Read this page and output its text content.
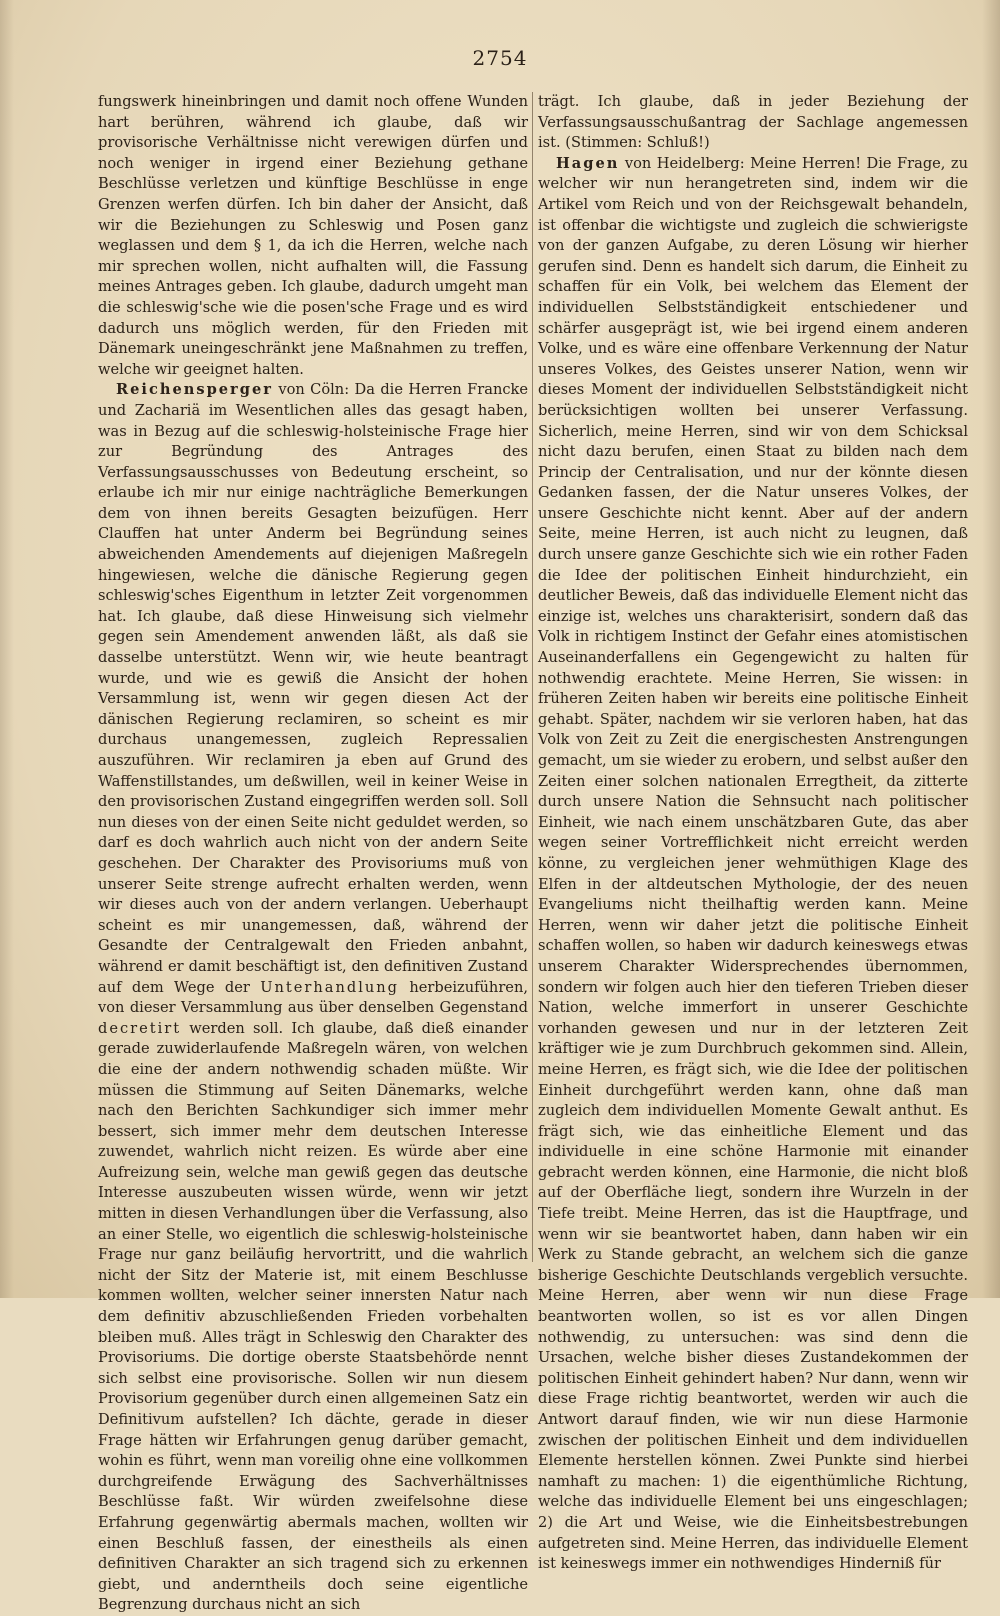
2754

fungswerk hineinbringen und damit noch offene Wunden hart berühren, während ich glaube, daß wir provisorische Verhältnisse nicht verewigen dürfen und noch weniger in irgend einer Beziehung gethane Beschlüsse verletzen und künftige Beschlüsse in enge Grenzen werfen dürfen. Ich bin daher der Ansicht, daß wir die Beziehungen zu Schleswig und Posen ganz weglassen und dem § 1, da ich die Herren, welche nach mir sprechen wollen, nicht aufhalten will, die Fassung meines Antrages geben. Ich glaube, dadurch umgeht man die schleswig'sche wie die posen'sche Frage und es wird dadurch uns möglich werden, für den Frieden mit Dänemark uneingeschränkt jene Maßnahmen zu treffen, welche wir geeignet halten.

Reichensperger von Cöln: Da die Herren Francke und Zachariä im Wesentlichen alles das gesagt haben, was in Bezug auf die schleswig-holsteinische Frage hier zur Begründung des Antrages des Verfassungsausschusses von Bedeutung erscheint, so erlaube ich mir nur einige nachträgliche Bemerkungen dem von ihnen bereits Gesagten beizufügen. Herr Clauffen hat unter Anderm bei Begründung seines abweichenden Amendements auf diejenigen Maßregeln hingewiesen, welche die dänische Regierung gegen schleswig'sches Eigenthum in letzter Zeit vorgenommen hat. Ich glaube, daß diese Hinweisung sich vielmehr gegen sein Amendement anwenden läßt, als daß sie dasselbe unterstützt. Wenn wir, wie heute beantragt wurde, und wie es gewiß die Ansicht der hohen Versammlung ist, wenn wir gegen diesen Act der dänischen Regierung reclamiren, so scheint es mir durchaus unangemessen, zugleich Repressalien auszuführen. Wir reclamiren ja eben auf Grund des Waffenstillstandes, um deßwillen, weil in keiner Weise in den provisorischen Zustand eingegriffen werden soll. Soll nun dieses von der einen Seite nicht geduldet werden, so darf es doch wahrlich auch nicht von der andern Seite geschehen. Der Charakter des Provisoriums muß von unserer Seite strenge aufrecht erhalten werden, wenn wir dieses auch von der andern verlangen. Ueberhaupt scheint es mir unangemessen, daß, während der Gesandte der Centralgewalt den Frieden anbahnt, während er damit beschäftigt ist, den definitiven Zustand auf dem Wege der Unterhandlung herbeizuführen, von dieser Versammlung aus über denselben Gegenstand decretirt werden soll. Ich glaube, daß dieß einander gerade zuwiderlaufende Maßregeln wären, von welchen die eine der andern nothwendig schaden müßte. Wir müssen die Stimmung auf Seiten Dänemarks, welche nach den Berichten Sachkundiger sich immer mehr bessert, sich immer mehr dem deutschen Interesse zuwendet, wahrlich nicht reizen. Es würde aber eine Aufreizung sein, welche man gewiß gegen das deutsche Interesse auszubeuten wissen würde, wenn wir jetzt mitten in diesen Verhandlungen über die Verfassung, also an einer Stelle, wo eigentlich die schleswig-holsteinische Frage nur ganz beiläufig hervortritt, und die wahrlich nicht der Sitz der Materie ist, mit einem Beschlusse kommen wollten, welcher seiner innersten Natur nach dem definitiv abzuschließenden Frieden vorbehalten bleiben muß. Alles trägt in Schleswig den Charakter des Provisoriums. Die dortige oberste Staatsbehörde nennt sich selbst eine provisorische. Sollen wir nun diesem Provisorium gegenüber durch einen allgemeinen Satz ein Definitivum aufstellen? Ich dächte, gerade in dieser Frage hätten wir Erfahrungen genug darüber gemacht, wohin es führt, wenn man voreilig ohne eine vollkommen durchgreifende Erwägung des Sachverhältnisses Beschlüsse faßt. Wir würden zweifelsohne diese Erfahrung gegenwärtig abermals machen, wollten wir einen Beschluß fassen, der einestheils als einen definitiven Charakter an sich tragend sich zu erkennen giebt, und anderntheils doch seine eigentliche Begrenzung durchaus nicht an sich

trägt. Ich glaube, daß in jeder Beziehung der Verfassungsausschußantrag der Sachlage angemessen ist. (Stimmen: Schluß!)

Hagen von Heidelberg: Meine Herren! Die Frage, zu welcher wir nun herangetreten sind, indem wir die Artikel vom Reich und von der Reichsgewalt behandeln, ist offenbar die wichtigste und zugleich die schwierigste von der ganzen Aufgabe, zu deren Lösung wir hierher gerufen sind. Denn es handelt sich darum, die Einheit zu schaffen für ein Volk, bei welchem das Element der individuellen Selbstständigkeit entschiedener und schärfer ausgeprägt ist, wie bei irgend einem anderen Volke, und es wäre eine offenbare Verkennung der Natur unseres Volkes, des Geistes unserer Nation, wenn wir dieses Moment der individuellen Selbstständigkeit nicht berücksichtigen wollten bei unserer Verfassung. Sicherlich, meine Herren, sind wir von dem Schicksal nicht dazu berufen, einen Staat zu bilden nach dem Princip der Centralisation, und nur der könnte diesen Gedanken fassen, der die Natur unseres Volkes, der unsere Geschichte nicht kennt. Aber auf der andern Seite, meine Herren, ist auch nicht zu leugnen, daß durch unsere ganze Geschichte sich wie ein rother Faden die Idee der politischen Einheit hindurchzieht, ein deutlicher Beweis, daß das individuelle Element nicht das einzige ist, welches uns charakterisirt, sondern daß das Volk in richtigem Instinct der Gefahr eines atomistischen Auseinanderfallens ein Gegengewicht zu halten für nothwendig erachtete. Meine Herren, Sie wissen: in früheren Zeiten haben wir bereits eine politische Einheit gehabt. Später, nachdem wir sie verloren haben, hat das Volk von Zeit zu Zeit die energischesten Anstrengungen gemacht, um sie wieder zu erobern, und selbst außer den Zeiten einer solchen nationalen Erregtheit, da zitterte durch unsere Nation die Sehnsucht nach politischer Einheit, wie nach einem unschätzbaren Gute, das aber wegen seiner Vortrefflichkeit nicht erreicht werden könne, zu vergleichen jener wehmüthigen Klage des Elfen in der altdeutschen Mythologie, der des neuen Evangeliums nicht theilhaftig werden kann. Meine Herren, wenn wir daher jetzt die politische Einheit schaffen wollen, so haben wir dadurch keineswegs etwas unserem Charakter Widersprechendes übernommen, sondern wir folgen auch hier den tieferen Trieben dieser Nation, welche immerfort in unserer Geschichte vorhanden gewesen und nur in der letzteren Zeit kräftiger wie je zum Durchbruch gekommen sind. Allein, meine Herren, es frägt sich, wie die Idee der politischen Einheit durchgeführt werden kann, ohne daß man zugleich dem individuellen Momente Gewalt anthut. Es frägt sich, wie das einheitliche Element und das individuelle in eine schöne Harmonie mit einander gebracht werden können, eine Harmonie, die nicht bloß auf der Oberfläche liegt, sondern ihre Wurzeln in der Tiefe treibt. Meine Herren, das ist die Hauptfrage, und wenn wir sie beantwortet haben, dann haben wir ein Werk zu Stande gebracht, an welchem sich die ganze bisherige Geschichte Deutschlands vergeblich versuchte. Meine Herren, aber wenn wir nun diese Frage beantworten wollen, so ist es vor allen Dingen nothwendig, zu untersuchen: was sind denn die Ursachen, welche bisher dieses Zustandekommen der politischen Einheit gehindert haben? Nur dann, wenn wir diese Frage richtig beantwortet, werden wir auch die Antwort darauf finden, wie wir nun diese Harmonie zwischen der politischen Einheit und dem individuellen Elemente herstellen können. Zwei Punkte sind hierbei namhaft zu machen: 1) die eigenthümliche Richtung, welche das individuelle Element bei uns eingeschlagen; 2) die Art und Weise, wie die Einheitsbestrebungen aufgetreten sind. Meine Herren, das individuelle Element ist keineswegs immer ein nothwendiges Hinderniß für
